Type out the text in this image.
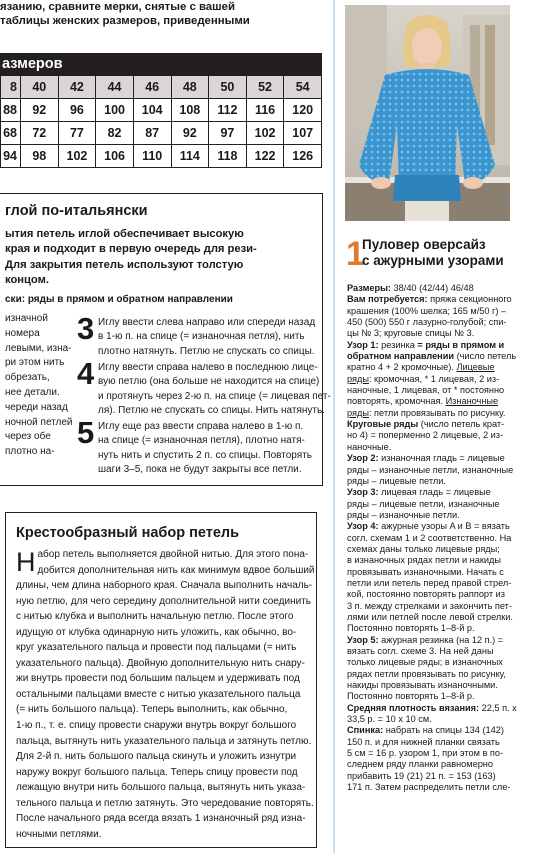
язанию, сравните мерки, снятые с вашей
таблицы женских размеров, приведенными
азмеров
8	40	42	44	46	48	50	52	54
88	92	96	100	104	108	112	116	120
68	72	77	82	87	92	97	102	107
94	98	102	106	110	114	118	122	126
глой по-итальянски
ытия петель иглой обеспечивает высокую
края и подходит в первую очередь для рези-
Для закрытия петель используют толстую
концом.
ски: ряды в прямом и обратном направлении
изначной
номера
левыми, изна-
ри этом нить
обрезать,
нее детали.
череди назад
ночной петлей
через обе
плотно на-
3 Иглу ввести слева направо или спереди назад
в 1-ю п. на спице (= изнаночная петля), нить
плотно натянуть. Петлю не спускать со спицы.
4 Иглу ввести справа налево в последнюю лице-
вую петлю (она больше не находится на спице)
и протянуть через 2-ю п. на спице (= лицевая пет-
ля). Петлю не спускать со спицы. Нить натянуть.
5 Иглу еще раз ввести справа налево в 1-ю п.
на спице (= изнаночная петля), плотно натя-
нуть нить и спустить 2 п. со спицы. Повторять
шаги 3–5, пока не будут закрыты все петли.
Крестообразный набор петель
Н абор петель выполняется двойной нитью. Для этого пона-
добится дополнительная нить как минимум вдвое больший
длины, чем длина наборного края. Сначала выполнить началь-
ную петлю, для чего середину дополнительной нити соединить
с нитью клубка и выполнить начальную петлю. После этого
идущую от клубка одинарную нить уложить, как обычно, во-
круг указательного пальца и провести под пальцами (= нить
указательного пальца). Двойную дополнительную нить снару-
жи внутрь провести под большим пальцем и удерживать под
остальными пальцами вместе с нитью указательного пальца
(= нить большого пальца). Теперь выполнить, как обычно,
1-ю п., т. е. спицу провести снаружи внутрь вокруг большого
пальца, вытянуть нить указательного пальца и затянуть петлю.
Для 2-й п. нить большого пальца скинуть и уложить изнутри
наружу вокруг большого пальца. Теперь спицу провести под
лежащую внутри нить большого пальца, вытянуть нить указа-
тельного пальца и петлю затянуть. Это чередование повторять.
После начального ряда всегда вязать 1 изнаночный ряд изна-
ночными петлями.
1
Пуловер оверсайз
с ажурными узорами
Размеры: 38/40 (42/44) 46/48
Вам потребуется: пряжа секционного
крашения (100% шелка; 165 м/50 г) –
450 (500) 550 г лазурно-голубой; спи-
цы № 3; круговые спицы № 3.
Узор 1: резинка = ряды в прямом и
обратном направлении (число петель
кратно 4 + 2 кромочные). Лицевые
ряды: кромочная, * 1 лицевая, 2 из-
наночные, 1 лицевая, от * постоянно
повторять, кромочная. Изнаночные
ряды: петли провязывать по рисунку.
Круговые ряды (число петель крат-
но 4) = поперменно 2 лицевые, 2 из-
наночные.
Узор 2: изнаночная гладь = лицевые
ряды – изнаночные петли, изнаночные
ряды – лицевые петли.
Узор 3: лицевая гладь = лицевые
ряды – лицевые петли, изнаночные
ряды – изнаночные петли.
Узор 4: ажурные узоры A и B = вязать
согл. схемам 1 и 2 соответственно. На
схемах даны только лицевые ряды;
в изнаночных рядах петли и накиды
провязывать изнаночными. Начать с
петли или петель перед правой стрел-
кой, постоянно повторять раппорт из
3 п. между стрелками и закончить пет-
лями или петлей после левой стрелки.
Постоянно повторять 1–8-й р.
Узор 5: ажурная резинка (на 12 п.) =
вязать согл. схеме 3. На ней даны
только лицевые ряды; в изнаночных
рядах петли провязывать по рисунку,
накиды провязывать изнаночными.
Постоянно повторять 1–8-й р.
Средняя плотность вязания: 22,5 п. х
33,5 р. = 10 х 10 см.
Спинка: набрать на спицы 134 (142)
150 п. и для нижней планки связать
5 см = 16 р. узором 1, при этом в по-
следнем ряду планки равномерно
прибавить 19 (21) 21 п. = 153 (163)
171 п. Затем распределить петли сле-
